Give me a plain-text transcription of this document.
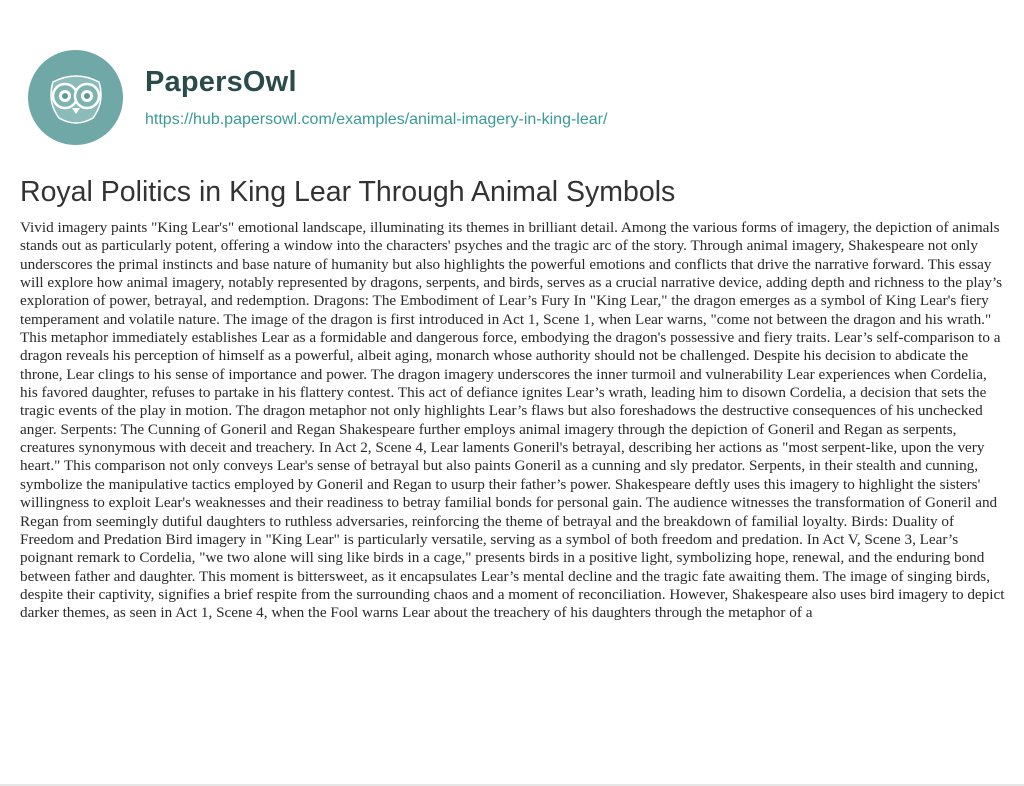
PapersOwl
https://hub.papersowl.com/examples/animal-imagery-in-king-lear/
Royal Politics in King Lear Through Animal Symbols

Vivid imagery paints "King Lear's" emotional landscape, illuminating its themes in brilliant detail. Among the various forms of imagery, the depiction of animals stands out as particularly potent, offering a window into the characters' psyches and the tragic arc of the story. Through animal imagery, Shakespeare not only underscores the primal instincts and base nature of humanity but also highlights the powerful emotions and conflicts that drive the narrative forward. This essay will explore how animal imagery, notably represented by dragons, serpents, and birds, serves as a crucial narrative device, adding depth and richness to the play’s exploration of power, betrayal, and redemption. Dragons: The Embodiment of Lear’s Fury In "King Lear," the dragon emerges as a symbol of King Lear's fiery temperament and volatile nature. The image of the dragon is first introduced in Act 1, Scene 1, when Lear warns, "come not between the dragon and his wrath." This metaphor immediately establishes Lear as a formidable and dangerous force, embodying the dragon's possessive and fiery traits. Lear’s self-comparison to a dragon reveals his perception of himself as a powerful, albeit aging, monarch whose authority should not be challenged. Despite his decision to abdicate the throne, Lear clings to his sense of importance and power. The dragon imagery underscores the inner turmoil and vulnerability Lear experiences when Cordelia, his favored daughter, refuses to partake in his flattery contest. This act of defiance ignites Lear’s wrath, leading him to disown Cordelia, a decision that sets the tragic events of the play in motion. The dragon metaphor not only highlights Lear’s flaws but also foreshadows the destructive consequences of his unchecked anger. Serpents: The Cunning of Goneril and Regan Shakespeare further employs animal imagery through the depiction of Goneril and Regan as serpents, creatures synonymous with deceit and treachery. In Act 2, Scene 4, Lear laments Goneril's betrayal, describing her actions as "most serpent-like, upon the very heart." This comparison not only conveys Lear's sense of betrayal but also paints Goneril as a cunning and sly predator. Serpents, in their stealth and cunning, symbolize the manipulative tactics employed by Goneril and Regan to usurp their father’s power. Shakespeare deftly uses this imagery to highlight the sisters' willingness to exploit Lear's weaknesses and their readiness to betray familial bonds for personal gain. The audience witnesses the transformation of Goneril and Regan from seemingly dutiful daughters to ruthless adversaries, reinforcing the theme of betrayal and the breakdown of familial loyalty. Birds: Duality of Freedom and Predation Bird imagery in "King Lear" is particularly versatile, serving as a symbol of both freedom and predation. In Act V, Scene 3, Lear’s poignant remark to Cordelia, "we two alone will sing like birds in a cage," presents birds in a positive light, symbolizing hope, renewal, and the enduring bond between father and daughter. This moment is bittersweet, as it encapsulates Lear’s mental decline and the tragic fate awaiting them. The image of singing birds, despite their captivity, signifies a brief respite from the surrounding chaos and a moment of reconciliation. However, Shakespeare also uses bird imagery to depict darker themes, as seen in Act 1, Scene 4, when the Fool warns Lear about the treachery of his daughters through the metaphor of a
